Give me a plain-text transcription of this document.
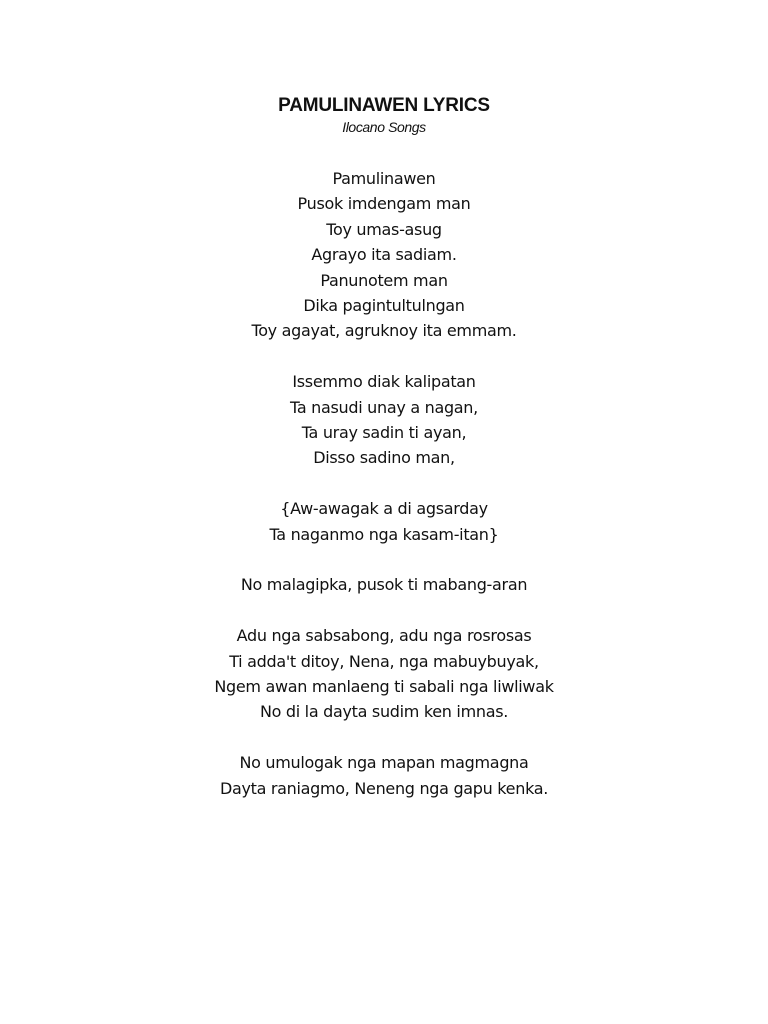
PAMULINAWEN LYRICS

Ilocano Songs

Pamulinawen
Pusok imdengam man
Toy umas-asug
Agrayo ita sadiam.
Panunotem man
Dika pagintultulngan
Toy agayat, agruknoy ita emmam.
Issemmo diak kalipatan
Ta nasudi unay a nagan,
Ta uray sadin ti ayan,
Disso sadino man,
{Aw-awagak a di agsarday
Ta naganmo nga kasam-itan}
No malagipka, pusok ti mabang-aran
Adu nga sabsabong, adu nga rosrosas
Ti adda't ditoy, Nena, nga mabuybuyak,
Ngem awan manlaeng ti sabali nga liwliwak
No di la dayta sudim ken imnas.
No umulogak nga mapan magmagna
Dayta raniagmo, Neneng nga gapu kenka.
